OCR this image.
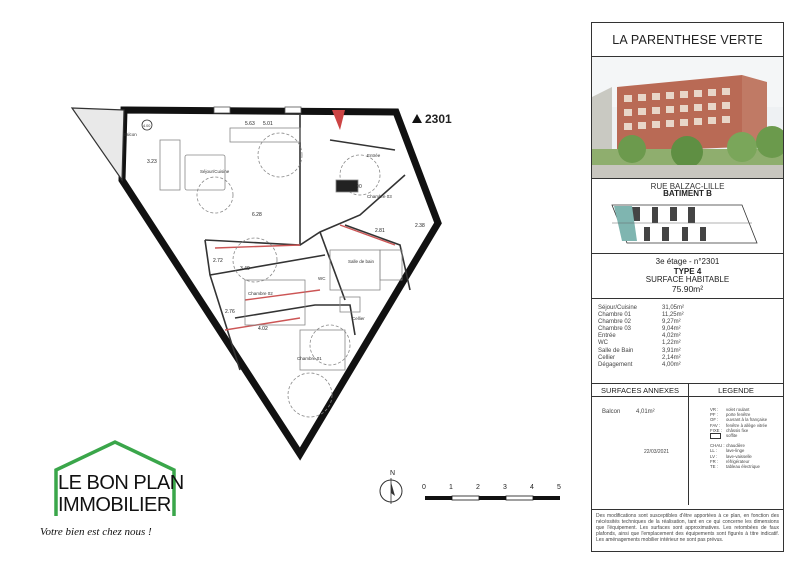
Séjour/Cuisine
Entrée
Chambre 03
Chambre 02
Chambre 01
Salle de bain
WC
Cellier
Balcon
4.00
3.23
5.63 5.01
6.28
4.90
2.38
3.49
2.81
4.02
2.72
2.76
2301
LE BON PLAN
IMMOBILIER
Votre bien est chez nous !
N
0	1	2	3	4	5
LA PARENTHESE VERTE
RUE BALZAC-LILLE
BATIMENT B
3e étage - n°2301
TYPE 4
SURFACE HABITABLE
75.90m²
Séjour/Cuisine	31,05m²
Chambre 01	11,25m²
Chambre 02	9,27m²
Chambre 03	9,04m²
Entrée	4,02m²
WC	1,22m²
Salle de Bain	3,91m²
Cellier	2,14m²
Dégagement	4,00m²
SURFACES ANNEXES	LEGENDE
Balcon	4,01m²
22/03/2021
VR :	volet roulant
PF :	porte fenêtre
OF :	ouvrant à la française
FAV :	fenêtre à allège vitrée
FIXE : châssis fixe
soffite
CHAU : chaudière
LL :	lave-linge
LV :	lave-vaisselle
FR :	réfrigérateur
TE :	tableau électrique
Des modifications sont susceptibles d'être apportées à ce plan, en fonction des nécéssités techniques de la réalisation, tant en ce qui concerne les dimensions que l'équipement. Les surfaces sont approximatives. Les retombées de faux plafonds, ainsi que l'emplacement des équipements sont figurés à titre indicatif. Les aménagements mobilier intérieur ne sont pas prévus.
